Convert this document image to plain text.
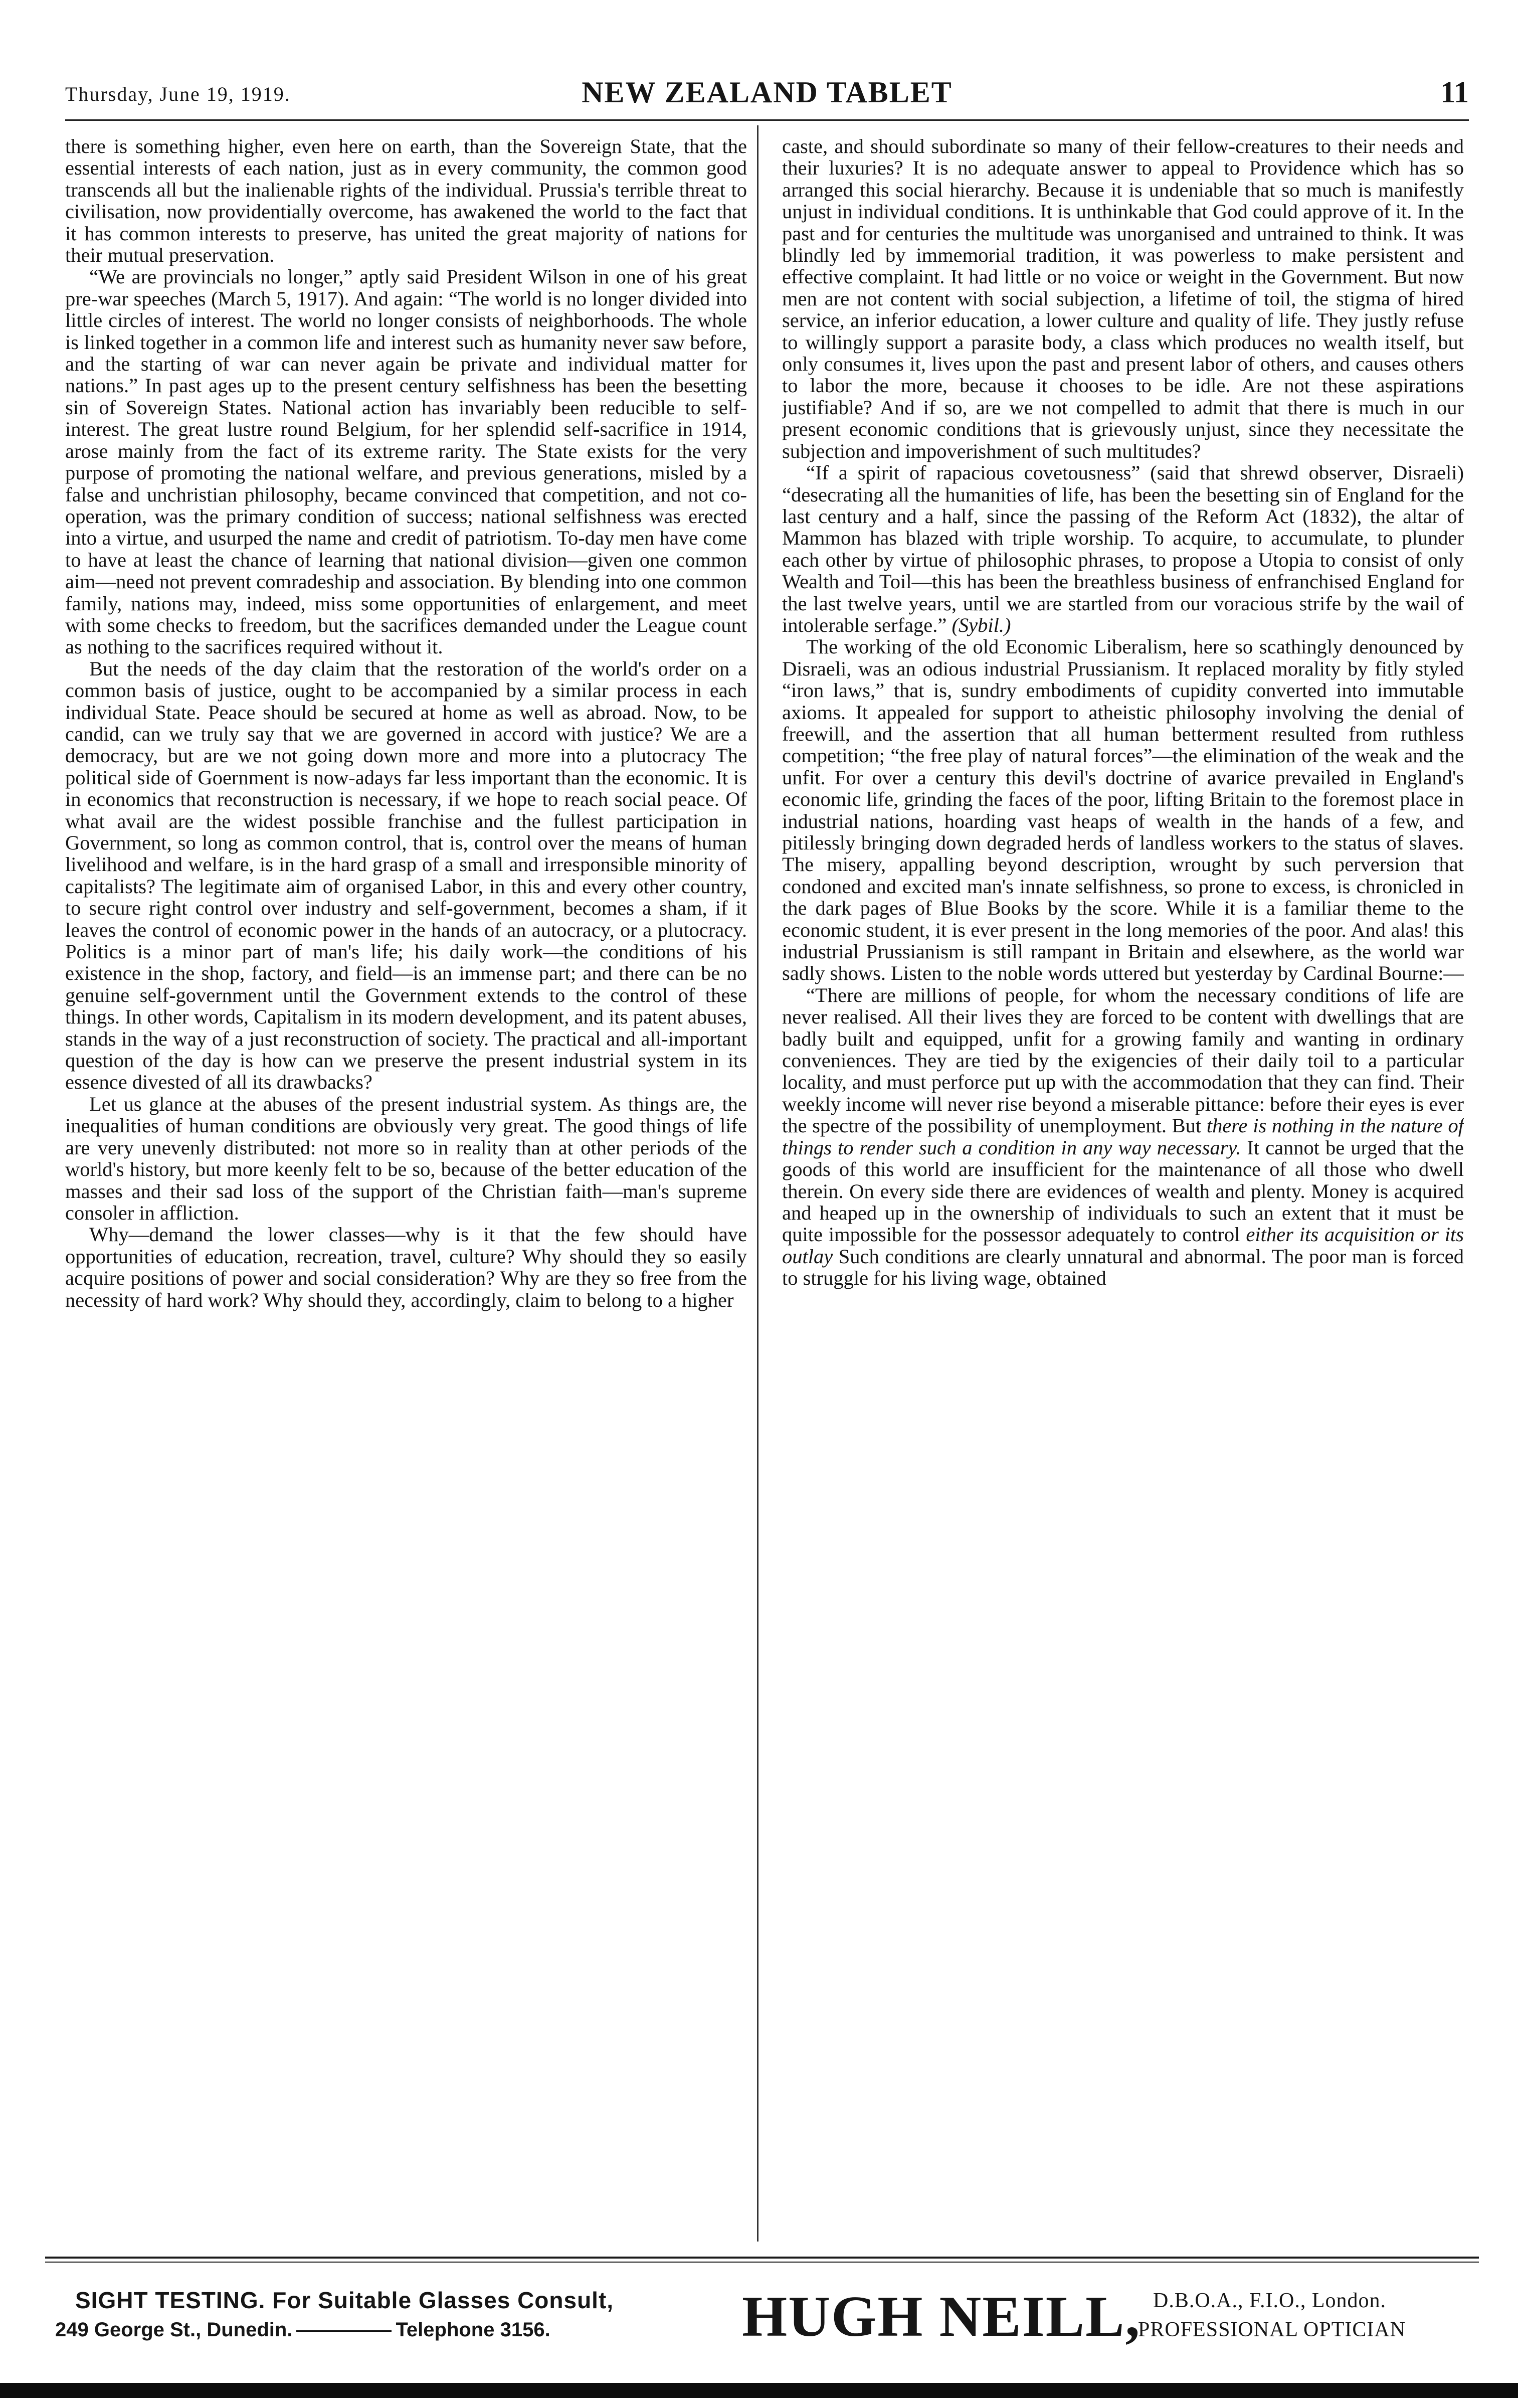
Thursday, June 19, 1919.	NEW ZEALAND TABLET	11

there is something higher, even here on earth, than the Sovereign State, that the essential interests of each nation, just as in every community, the common good transcends all but the inalienable rights of the individual. Prussia's terrible threat to civilisation, now providentially overcome, has awakened the world to the fact that it has common interests to preserve, has united the great majority of nations for their mutual preservation.

“We are provincials no longer,” aptly said President Wilson in one of his great pre-war speeches (March 5, 1917). And again: “The world is no longer divided into little circles of interest. The world no longer consists of neighborhoods. The whole is linked together in a common life and interest such as humanity never saw before, and the starting of war can never again be private and individual matter for nations.” In past ages up to the present century selfishness has been the besetting sin of Sovereign States. National action has invariably been reducible to self-interest. The great lustre round Belgium, for her splendid self-sacrifice in 1914, arose mainly from the fact of its extreme rarity. The State exists for the very purpose of promoting the national welfare, and previous generations, misled by a false and unchristian philosophy, became convinced that competition, and not co-operation, was the primary condition of success; national selfishness was erected into a virtue, and usurped the name and credit of patriotism. To-day men have come to have at least the chance of learning that national division—given one common aim—need not prevent comradeship and association. By blending into one common family, nations may, indeed, miss some opportunities of enlargement, and meet with some checks to freedom, but the sacrifices demanded under the League count as nothing to the sacrifices required without it.

But the needs of the day claim that the restoration of the world's order on a common basis of justice, ought to be accompanied by a similar process in each individual State. Peace should be secured at home as well as abroad. Now, to be candid, can we truly say that we are governed in accord with justice? We are a democracy, but are we not going down more and more into a plutocracy The political side of Goernment is now-adays far less important than the economic. It is in economics that reconstruction is necessary, if we hope to reach social peace. Of what avail are the widest possible franchise and the fullest participation in Government, so long as common control, that is, control over the means of human livelihood and welfare, is in the hard grasp of a small and irresponsible minority of capitalists? The legitimate aim of organised Labor, in this and every other country, to secure right control over industry and self-government, becomes a sham, if it leaves the control of economic power in the hands of an autocracy, or a plutocracy. Politics is a minor part of man's life; his daily work—the conditions of his existence in the shop, factory, and field—is an immense part; and there can be no genuine self-government until the Government extends to the control of these things. In other words, Capitalism in its modern development, and its patent abuses, stands in the way of a just reconstruction of society. The practical and all-important question of the day is how can we preserve the present industrial system in its essence divested of all its drawbacks?

Let us glance at the abuses of the present industrial system. As things are, the inequalities of human conditions are obviously very great. The good things of life are very unevenly distributed: not more so in reality than at other periods of the world's history, but more keenly felt to be so, because of the better education of the masses and their sad loss of the support of the Christian faith—man's supreme consoler in affliction.

Why—demand the lower classes—why is it that the few should have opportunities of education, recreation, travel, culture? Why should they so easily acquire positions of power and social consideration? Why are they so free from the necessity of hard work? Why should they, accordingly, claim to belong to a higher

caste, and should subordinate so many of their fellow-creatures to their needs and their luxuries? It is no adequate answer to appeal to Providence which has so arranged this social hierarchy. Because it is undeniable that so much is manifestly unjust in individual conditions. It is unthinkable that God could approve of it. In the past and for centuries the multitude was unorganised and untrained to think. It was blindly led by immemorial tradition, it was powerless to make persistent and effective complaint. It had little or no voice or weight in the Government. But now men are not content with social subjection, a lifetime of toil, the stigma of hired service, an inferior education, a lower culture and quality of life. They justly refuse to willingly support a parasite body, a class which produces no wealth itself, but only consumes it, lives upon the past and present labor of others, and causes others to labor the more, because it chooses to be idle. Are not these aspirations justifiable? And if so, are we not compelled to admit that there is much in our present economic conditions that is grievously unjust, since they necessitate the subjection and impoverishment of such multitudes?

“If a spirit of rapacious covetousness” (said that shrewd observer, Disraeli) “desecrating all the humanities of life, has been the besetting sin of England for the last century and a half, since the passing of the Reform Act (1832), the altar of Mammon has blazed with triple worship. To acquire, to accumulate, to plunder each other by virtue of philosophic phrases, to propose a Utopia to consist of only Wealth and Toil—this has been the breathless business of enfranchised England for the last twelve years, until we are startled from our voracious strife by the wail of intolerable serfage.” (Sybil.)

The working of the old Economic Liberalism, here so scathingly denounced by Disraeli, was an odious industrial Prussianism. It replaced morality by fitly styled “iron laws,” that is, sundry embodiments of cupidity converted into immutable axioms. It appealed for support to atheistic philosophy involving the denial of freewill, and the assertion that all human betterment resulted from ruthless competition; “the free play of natural forces”—the elimination of the weak and the unfit. For over a century this devil's doctrine of avarice prevailed in England's economic life, grinding the faces of the poor, lifting Britain to the foremost place in industrial nations, hoarding vast heaps of wealth in the hands of a few, and pitilessly bringing down degraded herds of landless workers to the status of slaves. The misery, appalling beyond description, wrought by such perversion that condoned and excited man's innate selfishness, so prone to excess, is chronicled in the dark pages of Blue Books by the score. While it is a familiar theme to the economic student, it is ever present in the long memories of the poor. And alas! this industrial Prussianism is still rampant in Britain and elsewhere, as the world war sadly shows. Listen to the noble words uttered but yesterday by Cardinal Bourne:—

“There are millions of people, for whom the necessary conditions of life are never realised. All their lives they are forced to be content with dwellings that are badly built and equipped, unfit for a growing family and wanting in ordinary conveniences. They are tied by the exigencies of their daily toil to a particular locality, and must perforce put up with the accommodation that they can find. Their weekly income will never rise beyond a miserable pittance: before their eyes is ever the spectre of the possibility of unemployment. But there is nothing in the nature of things to render such a condition in any way necessary. It cannot be urged that the goods of this world are insufficient for the maintenance of all those who dwell therein. On every side there are evidences of wealth and plenty. Money is acquired and heaped up in the ownership of individuals to such an extent that it must be quite impossible for the possessor adequately to control either its acquisition or its outlay Such conditions are clearly unnatural and abnormal. The poor man is forced to struggle for his living wage, obtained

SIGHT TESTING. For Suitable Glasses Consult,
249 George St., Dunedin.	Telephone 3156.	HUGH NEILL, D.B.O.A., F.I.O., London.
PROFESSIONAL OPTICIAN
